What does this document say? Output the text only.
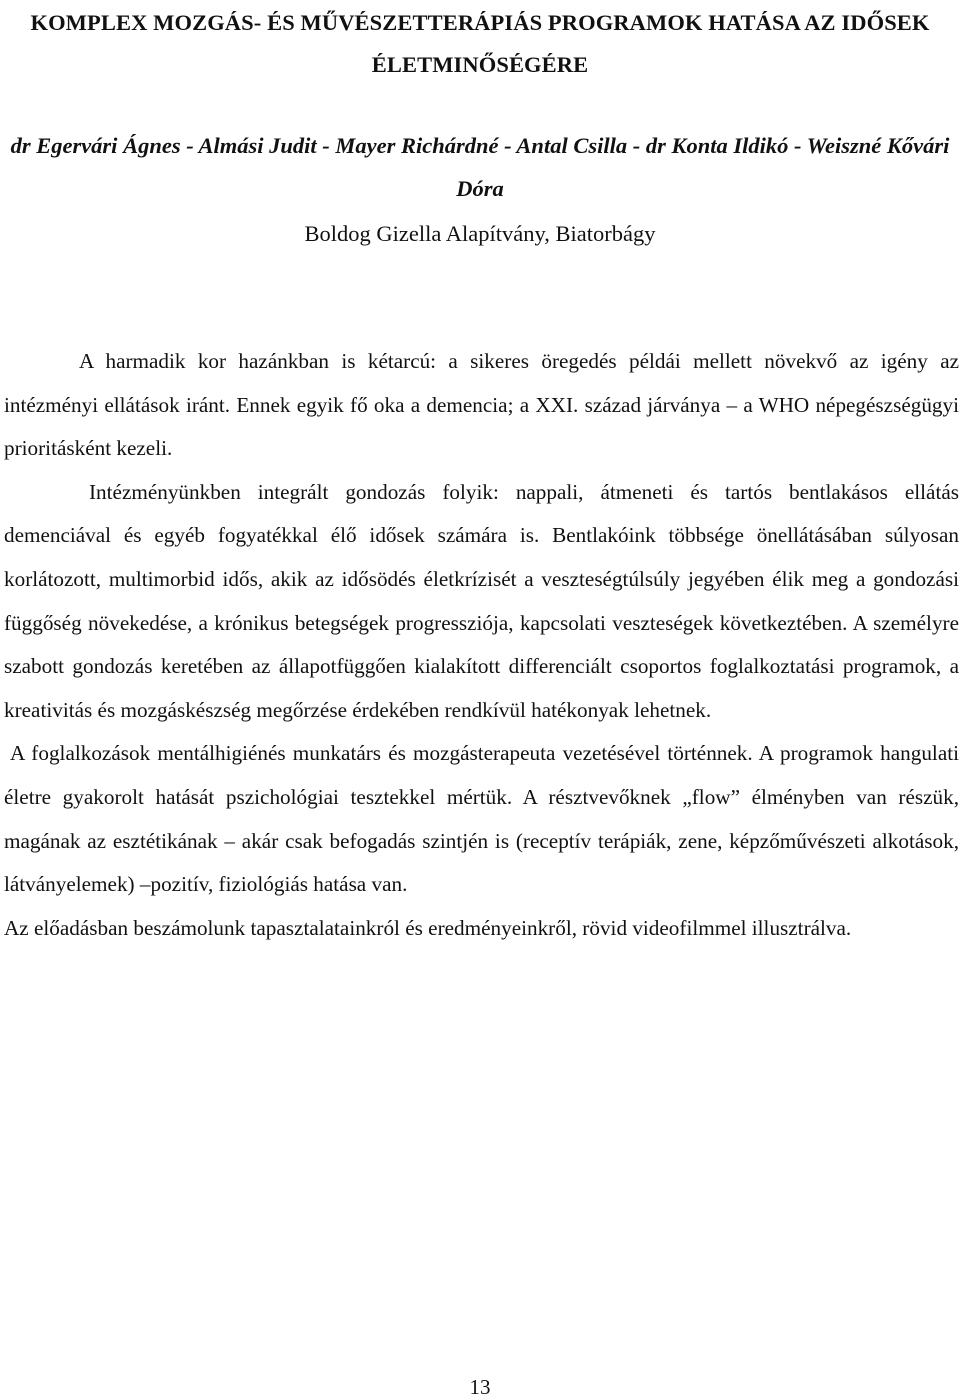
KOMPLEX MOZGÁS- ÉS MŰVÉSZETTERÁPIÁS PROGRAMOK HATÁSA AZ IDŐSEK ÉLETMINŐSÉGÉRE
dr Egervári Ágnes - Almási Judit - Mayer Richárdné - Antal Csilla - dr Konta Ildikó - Weiszné Kővári Dóra
Boldog Gizella Alapítvány, Biatorbágy

A harmadik kor hazánkban is kétarcú: a sikeres öregedés példái mellett növekvő az igény az intézményi ellátások iránt. Ennek egyik fő oka a demencia; a XXI. század járványa – a WHO népegészségügyi prioritásként kezeli.

Intézményünkben integrált gondozás folyik: nappali, átmeneti és tartós bentlakásos ellátás demenciával és egyéb fogyatékkal élő idősek számára is. Bentlakóink többsége önellátásában súlyosan korlátozott, multimorbid idős, akik az idősödés életkrízisét a veszteségtúlsúly jegyében élik meg a gondozási függőség növekedése, a krónikus betegségek progressziója, kapcsolati veszteségek következtében. A személyre szabott gondozás keretében az állapotfüggően kialakított differenciált csoportos foglalkoztatási programok, a kreativitás és mozgáskészség megőrzése érdekében rendkívül hatékonyak lehetnek.

A foglalkozások mentálhigiénés munkatárs és mozgásterapeuta vezetésével történnek. A programok hangulati életre gyakorolt hatását pszichológiai tesztekkel mértük. A résztvevőknek „flow” élményben van részük, magának az esztétikának – akár csak befogadás szintjén is (receptív terápiák, zene, képzőművészeti alkotások, látványelemek) –pozitív, fiziológiás hatása van.

Az előadásban beszámolunk tapasztalatainkról és eredményeinkről, rövid videofilmmel illusztrálva.

13
